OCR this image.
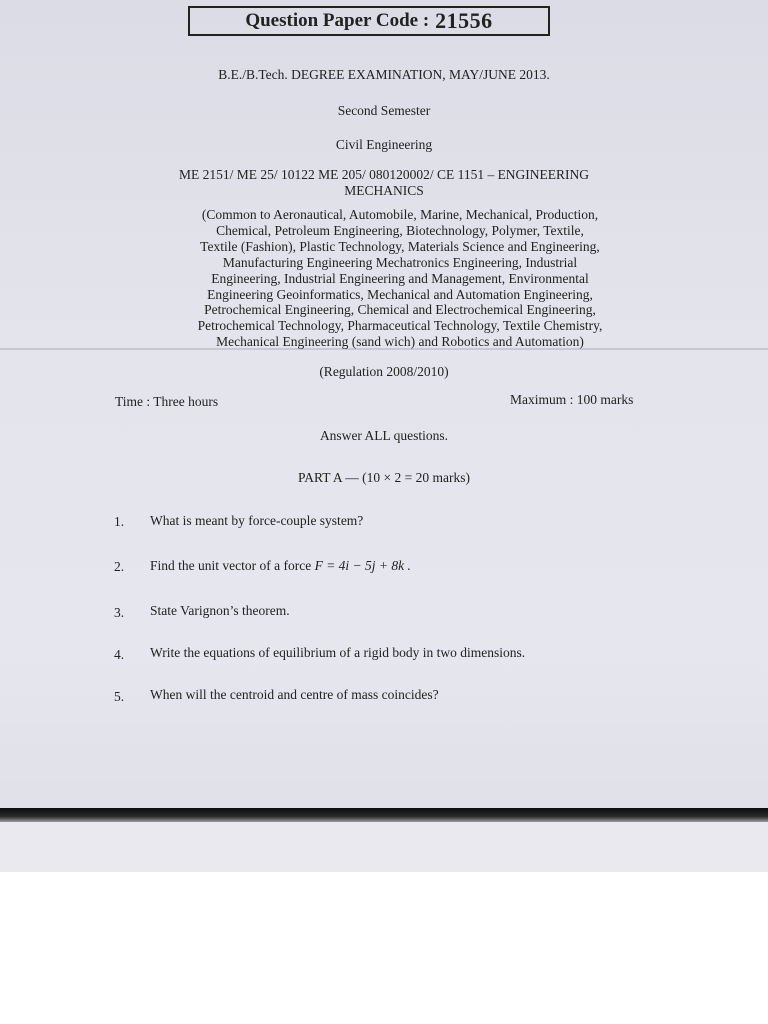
Question Paper Code : 21556
B.E./B.Tech. DEGREE EXAMINATION, MAY/JUNE 2013.
Second Semester
Civil Engineering
ME 2151/ ME 25/ 10122 ME 205/ 080120002/ CE 1151 – ENGINEERING
MECHANICS
(Common to Aeronautical, Automobile, Marine, Mechanical, Production,
Chemical, Petroleum Engineering, Biotechnology, Polymer, Textile,
Textile (Fashion), Plastic Technology, Materials Science and Engineering,
Manufacturing Engineering Mechatronics Engineering, Industrial
Engineering, Industrial Engineering and Management, Environmental
Engineering Geoinformatics, Mechanical and Automation Engineering,
Petrochemical Engineering, Chemical and Electrochemical Engineering,
Petrochemical Technology, Pharmaceutical Technology, Textile Chemistry,
Mechanical Engineering (sand wich) and Robotics and Automation)
(Regulation 2008/2010)
Time : Three hours	Maximum : 100 marks
Answer ALL questions.
PART A — (10 × 2 = 20 marks)
1. What is meant by force-couple system?
2. Find the unit vector of a force F = 4i − 5j + 8k .
3. State Varignon’s theorem.
4. Write the equations of equilibrium of a rigid body in two dimensions.
5. When will the centroid and centre of mass coincides?
